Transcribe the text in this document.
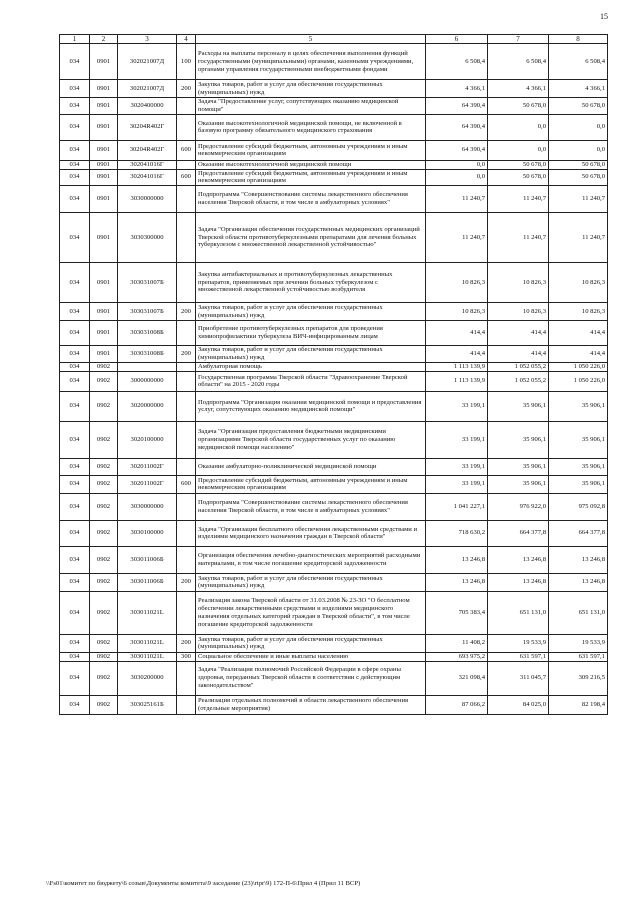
15
1	2	3	4	5	6	7	8
034	0901	302021007Д	100	Расходы на выплаты персоналу в целях обеспечения выполнения функций государственными (муниципальными) органами, казенными учреждениями, органами управления государственными внебюджетными фондами	6 508,4	6 508,4	6 508,4
034	0901	302021007Д	200	Закупка товаров, работ и услуг для обеспечения государственных (муниципальных) нужд	4 366,1	4 366,1	4 366,1
034	0901	3020400000		Задача "Предоставление услуг, сопутствующих оказанию медицинской помощи"	64 390,4	50 678,0	50 678,0
034	0901	30204R402Г		Оказание высокотехнологичной медицинской помощи, не включенной в базовую программу обязательного медицинского страхования	64 390,4	0,0	0,0
034	0901	30204R402Г	600	Предоставление субсидий бюджетным, автономным учреждениям и иным некоммерческим организациям	64 390,4	0,0	0,0
034	0901	302041016Г		Оказание высокотехнологичной медицинской помощи	0,0	50 678,0	50 678,0
034	0901	302041016Г	600	Предоставление субсидий бюджетным, автономным учреждениям и иным некоммерческим организациям	0,0	50 678,0	50 678,0
034	0901	3030000000		Подпрограмма "Совершенствование системы лекарственного обеспечения населения Тверской области, в том числе в амбулаторных условиях"	11 240,7	11 240,7	11 240,7
034	0901	3030300000		Задача "Организация обеспечения государственных медицинских организаций Тверской области противотуберкулезными препаратами для лечения больных туберкулезом с множественной лекарственной устойчивостью"	11 240,7	11 240,7	11 240,7
034	0901	303031007Б		Закупка антибактериальных и противотуберкулезных лекарственных препаратов, применяемых при лечении больных туберкулезом с множественной лекарственной устойчивостью возбудителя	10 826,3	10 826,3	10 826,3
034	0901	303031007Б	200	Закупка товаров, работ и услуг для обеспечения государственных (муниципальных) нужд	10 826,3	10 826,3	10 826,3
034	0901	303031008Б		Приобретение противотуберкулезных препаратов для проведения химиопрофилактики туберкулеза ВИЧ-инфицированным лицам	414,4	414,4	414,4
034	0901	303031008Б	200	Закупка товаров, работ и услуг для обеспечения государственных (муниципальных) нужд	414,4	414,4	414,4
034	0902			Амбулаторная помощь	1 113 139,9	1 052 055,2	1 050 226,0
034	0902	3000000000		Государственная программа Тверской области "Здравоохранение Тверской области" на 2015 - 2020 годы	1 113 139,9	1 052 055,2	1 050 226,0
034	0902	3020000000		Подпрограмма "Организация оказания медицинской помощи и предоставления услуг, сопутствующих оказанию медицинской помощи"	33 199,1	35 906,1	35 906,1
034	0902	3020100000		Задача "Организация предоставления бюджетными медицинскими организациями Тверской области государственных услуг по оказанию медицинской помощи населению"	33 199,1	35 906,1	35 906,1
034	0902	302011002Г		Оказание амбулаторно-поликлинической медицинской помощи	33 199,1	35 906,1	35 906,1
034	0902	302011002Г	600	Предоставление субсидий бюджетным, автономным учреждениям и иным некоммерческим организациям	33 199,1	35 906,1	35 906,1
034	0902	3030000000		Подпрограмма "Совершенствование системы лекарственного обеспечения населения Тверской области, в том числе в амбулаторных условиях"	1 041 227,1	976 922,0	975 092,8
034	0902	3030100000		Задача "Организация бесплатного обеспечения лекарственными средствами и изделиями медицинского назначения граждан в Тверской области"	718 630,2	664 377,8	664 377,8
034	0902	303011006Б		Организация обеспечения лечебно-диагностических мероприятий расходными материалами, в том числе погашение кредиторской задолженности	13 246,8	13 246,8	13 246,8
034	0902	303011006Б	200	Закупка товаров, работ и услуг для обеспечения государственных (муниципальных) нужд	13 246,8	13 246,8	13 246,8
034	0902	303011021L		Реализация закона Тверской области от 31.03.2008 № 23-ЗО "О бесплатном обеспечении лекарственными средствами и изделиями медицинского назначения отдельных категорий граждан в Тверской области", в том числе погашение кредиторской задолженности	705 383,4	651 131,0	651 131,0
034	0902	303011021L	200	Закупка товаров, работ и услуг для обеспечения государственных (муниципальных) нужд	11 408,2	19 533,9	19 533,9
034	0902	303011021L	300	Социальное обеспечение и иные выплаты населению	693 975,2	631 597,1	631 597,1
034	0902	3030200000		Задача "Реализация полномочий Российской Федерации в сфере охраны здоровья, переданных Тверской области в соответствии с действующим законодательством"	321 098,4	311 045,7	309 216,5
034	0902	303025161Б		Реализация отдельных полномочий в области лекарственного обеспечения (отдельные мероприятия)	87 066,2	84 025,0	82 198,4
\\Fs01\комитет по бюджету\6 созыв\Документы комитета\9 заседание (23)\rtpr\9) 172-П-6\Прил 4 (Прил 11 ВСР)
